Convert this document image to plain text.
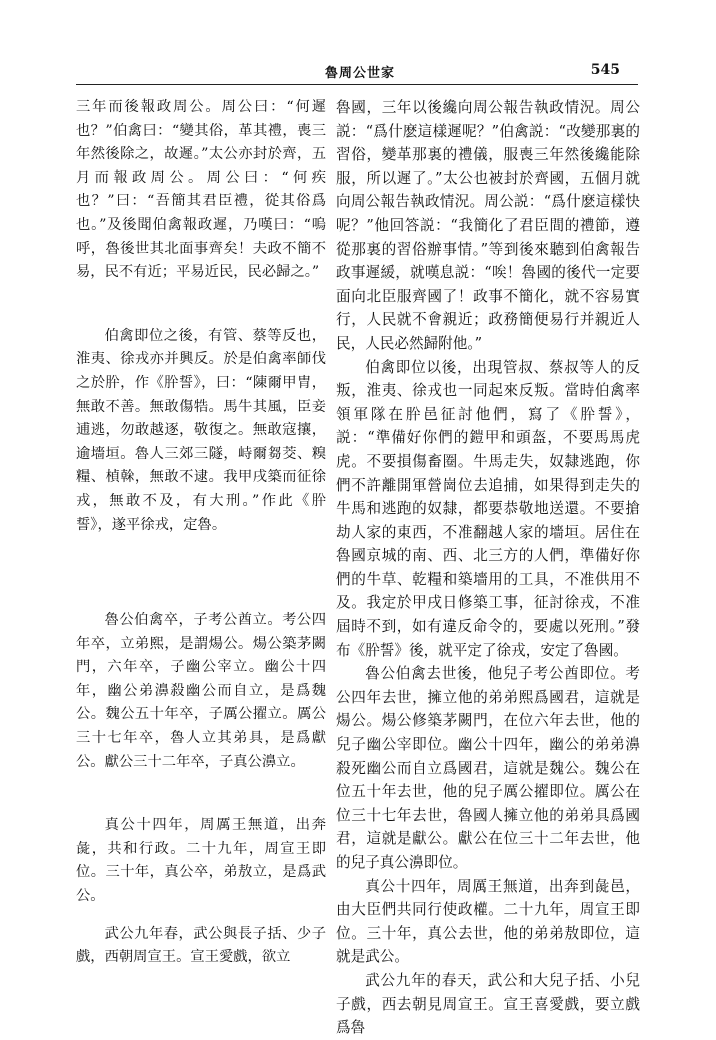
魯周公世家	545

三年而後報政周公。周公曰：“何遲也？”伯禽曰：“變其俗，革其禮，喪三年然後除之，故遲。”太公亦封於齊，五月而報政周公。周公曰：“何疾也？”曰：“吾簡其君臣禮，從其俗爲也。”及後聞伯禽報政遲，乃嘆曰：“嗚呼，魯後世其北面事齊矣！夫政不簡不易，民不有近；平易近民，民必歸之。”

伯禽即位之後，有管、蔡等反也，淮夷、徐戎亦并興反。於是伯禽率師伐之於肸，作《肸誓》，曰：“陳爾甲胄，無敢不善。無敢傷牿。馬牛其風，臣妾逋逃，勿敢越逐，敬復之。無敢寇攘，逾墻垣。魯人三郊三隧，峙爾芻茭、糗糧、楨榦，無敢不逮。我甲戌築而征徐戎，無敢不及，有大刑。”作此《肸誓》，遂平徐戎，定魯。

魯公伯禽卒，子考公酋立。考公四年卒，立弟熙，是謂煬公。煬公築茅闕門，六年卒，子幽公宰立。幽公十四年，幽公弟濞殺幽公而自立，是爲魏公。魏公五十年卒，子厲公擢立。厲公三十七年卒，魯人立其弟具，是爲獻公。獻公三十二年卒，子真公濞立。

真公十四年，周厲王無道，出奔彘，共和行政。二十九年，周宣王即位。三十年，真公卒，弟敖立，是爲武公。

武公九年春，武公與長子括、少子戲，西朝周宣王。宣王愛戲，欲立

魯國，三年以後纔向周公報告執政情況。周公説：“爲什麽這樣遲呢？”伯禽説：“改變那裏的習俗，變革那裏的禮儀，服喪三年然後纔能除服，所以遲了。”太公也被封於齊國，五個月就向周公報告執政情況。周公説：“爲什麽這樣快呢？”他回答説：“我簡化了君臣間的禮節，遵從那裏的習俗辦事情。”等到後來聽到伯禽報告政事遲緩，就嘆息説：“唉！魯國的後代一定要面向北臣服齊國了！政事不簡化，就不容易實行，人民就不會親近；政務簡便易行并親近人民，人民必然歸附他。”

伯禽即位以後，出現管叔、蔡叔等人的反叛，淮夷、徐戎也一同起來反叛。當時伯禽率領軍隊在肸邑征討他們，寫了《肸誓》，説：“準備好你們的鎧甲和頭盔，不要馬馬虎虎。不要損傷畜圈。牛馬走失，奴隸逃跑，你們不許離開軍營崗位去追捕，如果得到走失的牛馬和逃跑的奴隸，都要恭敬地送還。不要搶劫人家的東西，不准翻越人家的墻垣。居住在魯國京城的南、西、北三方的人們，準備好你們的牛草、乾糧和築墻用的工具，不准供用不及。我定於甲戌日修築工事，征討徐戎，不准屆時不到，如有違反命令的，要處以死刑。”發布《肸誓》後，就平定了徐戎，安定了魯國。

魯公伯禽去世後，他兒子考公酋即位。考公四年去世，擁立他的弟弟熙爲國君，這就是煬公。煬公修築茅闕門，在位六年去世，他的兒子幽公宰即位。幽公十四年，幽公的弟弟濞殺死幽公而自立爲國君，這就是魏公。魏公在位五十年去世，他的兒子厲公擢即位。厲公在位三十七年去世，魯國人擁立他的弟弟具爲國君，這就是獻公。獻公在位三十二年去世，他的兒子真公濞即位。

真公十四年，周厲王無道，出奔到彘邑，由大臣們共同行使政權。二十九年，周宣王即位。三十年，真公去世，他的弟弟敖即位，這就是武公。

武公九年的春天，武公和大兒子括、小兒子戲，西去朝見周宣王。宣王喜愛戲，要立戲爲魯
